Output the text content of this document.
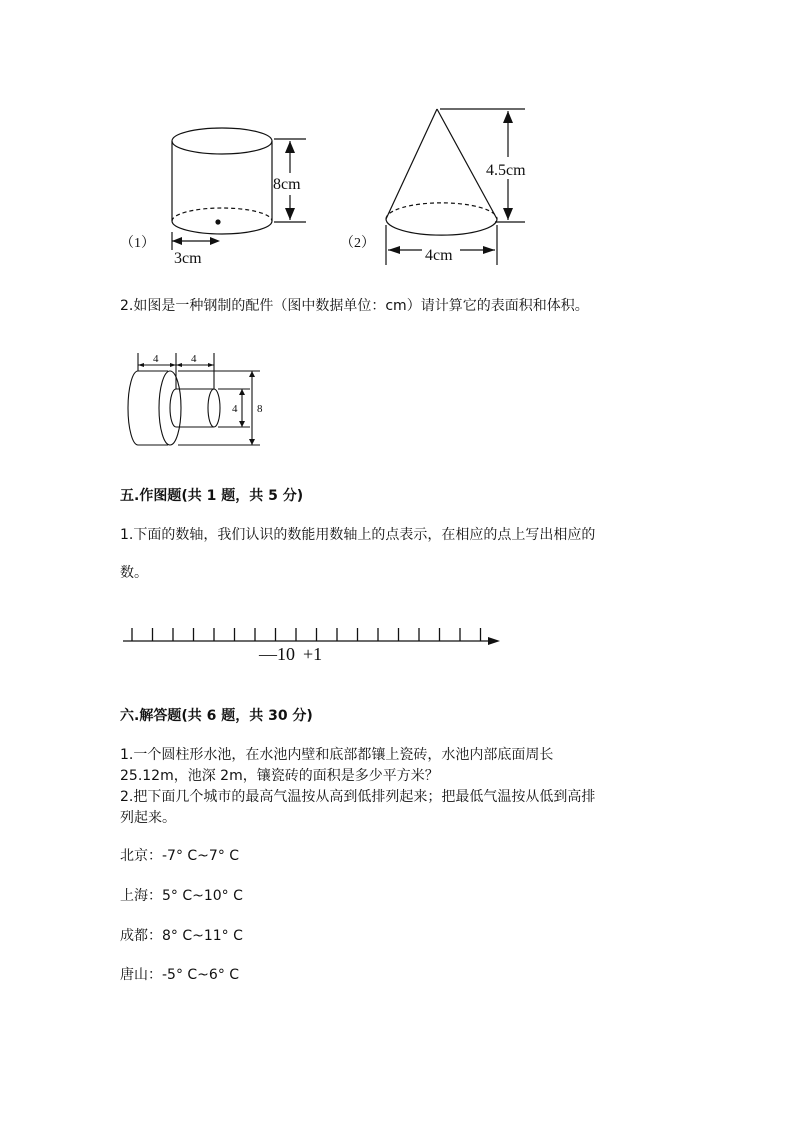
（1）
8cm
3cm
（2）
4.5cm
4cm
2.如图是一种钢制的配件（图中数据单位：cm）请计算它的表面积和体积。
4	4
4 8
五.作图题(共 1 题，共 5 分)
1.下面的数轴，我们认识的数能用数轴上的点表示，在相应的点上写出相应的
数。
—1 0 +1
六.解答题(共 6 题，共 30 分)
1.一个圆柱形水池，在水池内壁和底部都镶上瓷砖，水池内部底面周长
25.12m，池深 2m，镶瓷砖的面积是多少平方米？
2.把下面几个城市的最高气温按从高到低排列起来；把最低气温按从低到高排
列起来。
北京：-7° C~7° C
上海：5° C~10° C
成都：8° C~11° C
唐山：-5° C~6° C
